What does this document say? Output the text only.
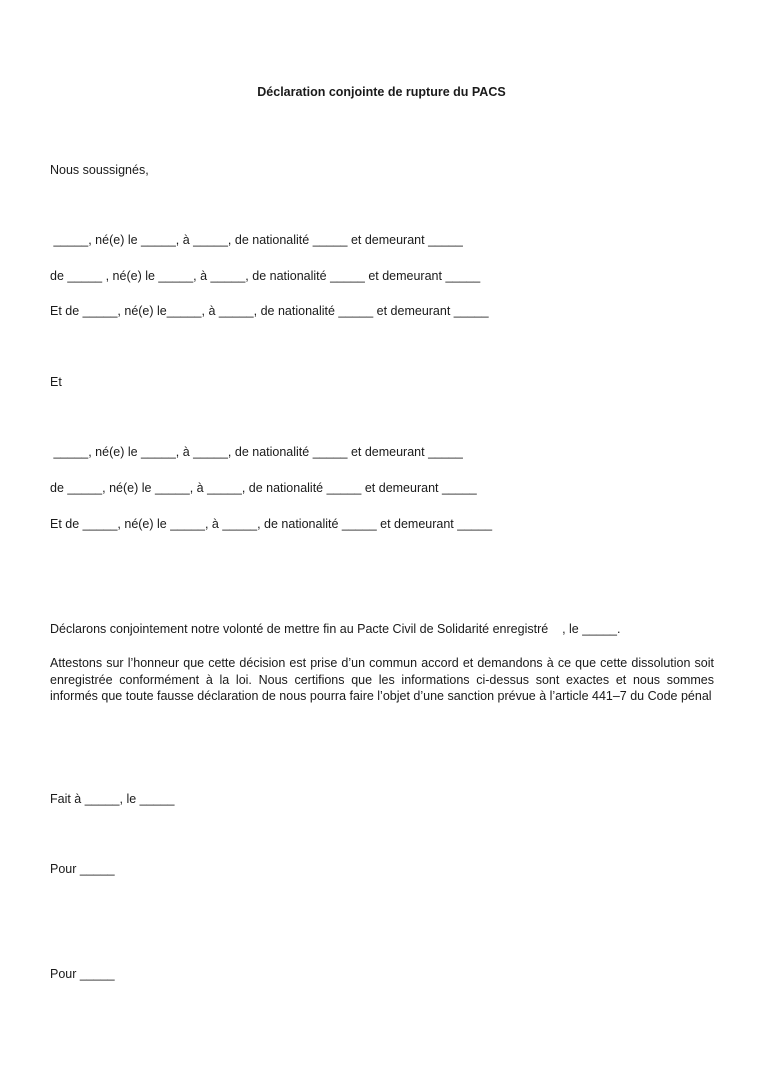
Déclaration conjointe de rupture du PACS
Nous soussignés,
_____, né(e) le _____, à _____, de nationalité _____ et demeurant _____
de _____ , né(e) le _____, à _____, de nationalité _____ et demeurant _____
Et de _____, né(e) le_____, à _____, de nationalité _____ et demeurant _____
Et
_____, né(e) le _____, à _____, de nationalité _____ et demeurant _____
de _____, né(e) le _____, à _____, de nationalité _____ et demeurant _____
Et de _____, né(e) le _____, à _____, de nationalité _____ et demeurant _____
Déclarons conjointement notre volonté de mettre fin au Pacte Civil de Solidarité enregistré    , le _____.
Attestons sur l’honneur que cette décision est prise d’un commun accord et demandons à ce que cette dissolution soit enregistrée conformément à la loi. Nous certifions que les informations ci-dessus sont exactes et nous sommes informés que toute fausse déclaration de nous pourra faire l’objet d’une sanction prévue à l’article 441–7 du Code pénal
Fait à _____, le _____
Pour _____
Pour _____
